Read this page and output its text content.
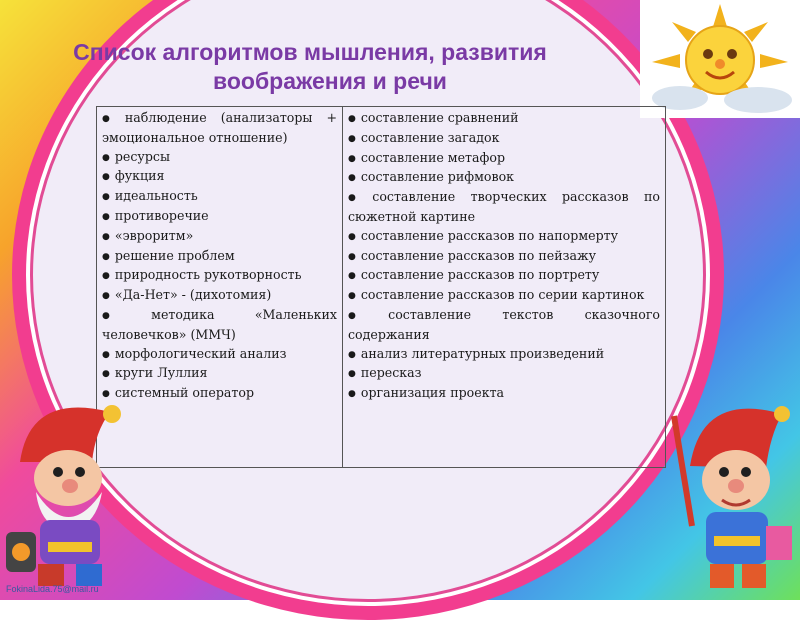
Список алгоритмов мышления, развития
воображения и речи
● наблюдение (анализаторы + эмоциональное отношение)
● ресурсы
● фукция
● идеальность
● противоречие
● «эвроритм»
● решение проблем
● природность рукотворность
● «Да-Нет» - (дихотомия)
● методика «Маленьких человечков» (ММЧ)
● морфологический анализ
● круги Луллия
● системный оператор
● составление сравнений
● составление загадок
● составление метафор
● составление рифмовок
● составление творческих рассказов по сюжетной картине
● составление рассказов по напормерту
● составление рассказов по пейзажу
● составление рассказов по портрету
● составление рассказов по серии картинок
● составление текстов сказочного содержания
● анализ литературных произведений
● пересказ
● организация проекта
FokinaLida.75@mail.ru
